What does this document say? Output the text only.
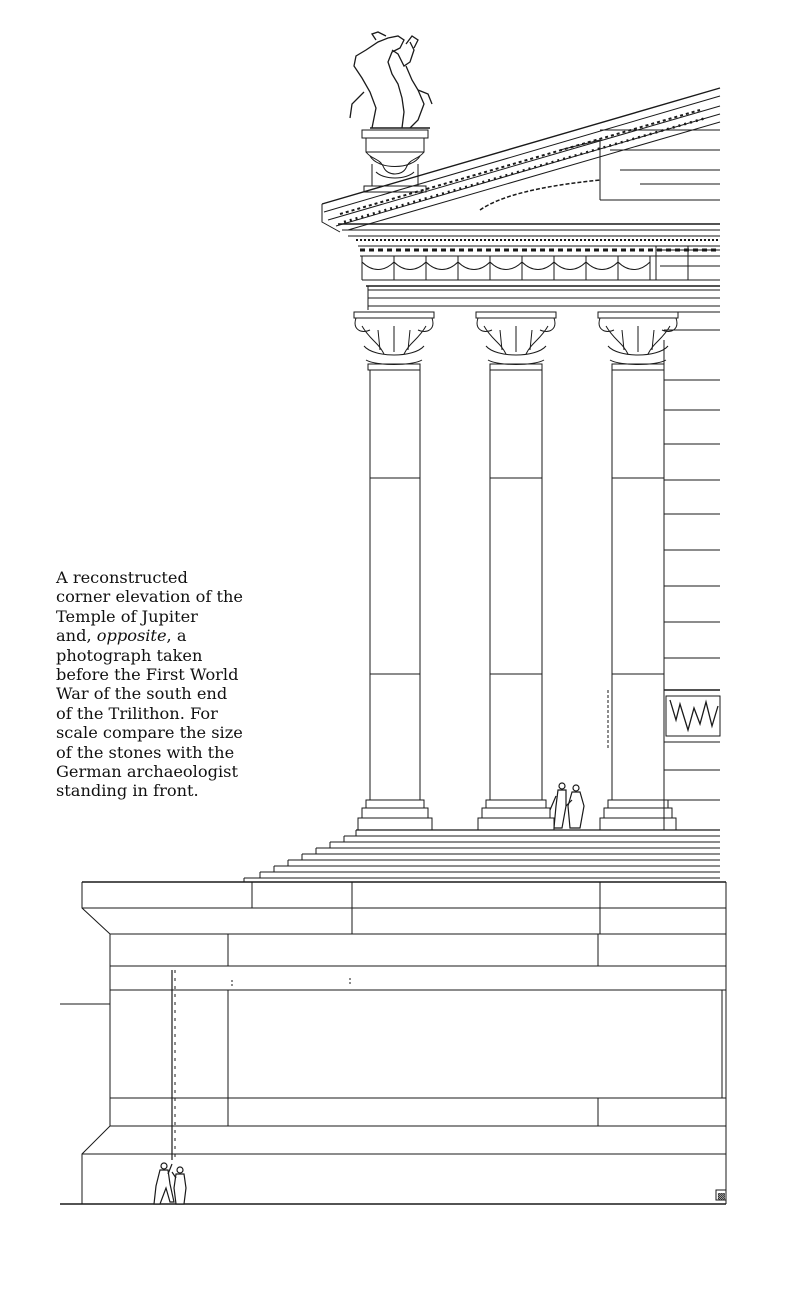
A reconstructed
corner elevation of the
Temple of Jupiter
and, opposite, a
photograph taken
before the First World
War of the south end
of the Trilithon. For
scale compare the size
of the stones with the
German archaeologist
standing in front.

▩
